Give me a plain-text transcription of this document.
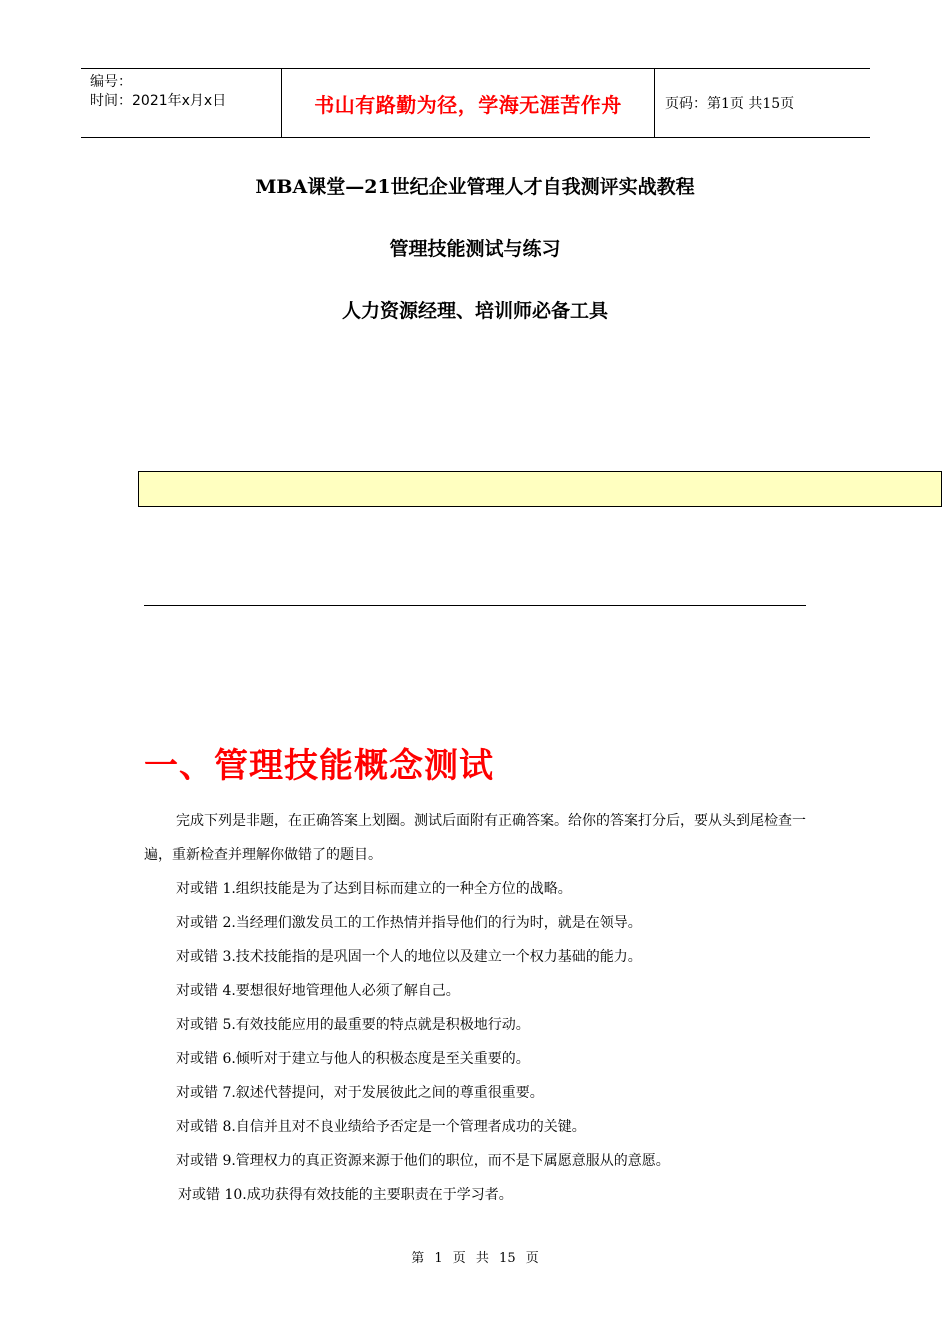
编号：
时间：2021年x月x日	书山有路勤为径，学海无涯苦作舟	页码：第1页 共15页
MBA课堂—21世纪企业管理人才自我测评实战教程
管理技能测试与练习
人力资源经理、培训师必备工具
一、管理技能概念测试
完成下列是非题，在正确答案上划圈。测试后面附有正确答案。给你的答案打分后，要从头到尾检查一遍，重新检查并理解你做错了的题目。
对或错 1.组织技能是为了达到目标而建立的一种全方位的战略。
对或错 2.当经理们激发员工的工作热情并指导他们的行为时，就是在领导。
对或错 3.技术技能指的是巩固一个人的地位以及建立一个权力基础的能力。
对或错 4.要想很好地管理他人必须了解自己。
对或错 5.有效技能应用的最重要的特点就是积极地行动。
对或错 6.倾听对于建立与他人的积极态度是至关重要的。
对或错 7.叙述代替提问，对于发展彼此之间的尊重很重要。
对或错 8.自信并且对不良业绩给予否定是一个管理者成功的关键。
对或错 9.管理权力的真正资源来源于他们的职位，而不是下属愿意服从的意愿。
对或错 10.成功获得有效技能的主要职责在于学习者。
第 1 页 共 15 页
